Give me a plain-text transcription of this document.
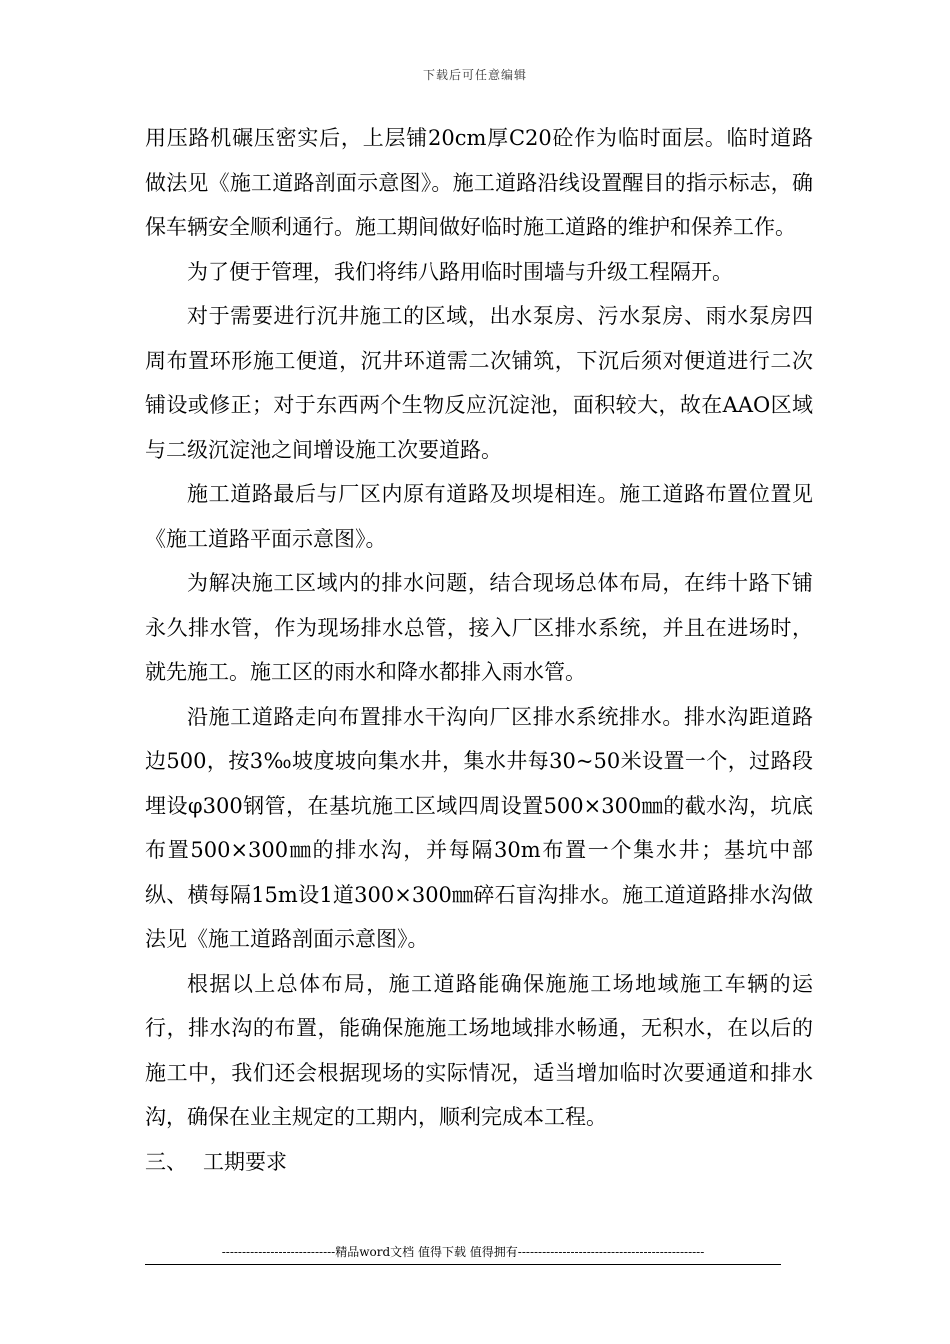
下载后可任意编辑

用压路机碾压密实后，上层铺20cm厚C20砼作为临时面层。临时道路做法见《施工道路剖面示意图》。施工道路沿线设置醒目的指示标志，确保车辆安全顺利通行。施工期间做好临时施工道路的维护和保养工作。

为了便于管理，我们将纬八路用临时围墙与升级工程隔开。

对于需要进行沉井施工的区域，出水泵房、污水泵房、雨水泵房四周布置环形施工便道，沉井环道需二次铺筑，下沉后须对便道进行二次铺设或修正；对于东西两个生物反应沉淀池，面积较大，故在AAO区域与二级沉淀池之间增设施工次要道路。

施工道路最后与厂区内原有道路及坝堤相连。施工道路布置位置见《施工道路平面示意图》。

为解决施工区域内的排水问题，结合现场总体布局，在纬十路下铺永久排水管，作为现场排水总管，接入厂区排水系统，并且在进场时，就先施工。施工区的雨水和降水都排入雨水管。

沿施工道路走向布置排水干沟向厂区排水系统排水。排水沟距道路边500，按3‰坡度坡向集水井，集水井每30~50米设置一个，过路段埋设φ300钢管，在基坑施工区域四周设置500×300㎜的截水沟，坑底布置500×300㎜的排水沟，并每隔30m布置一个集水井；基坑中部纵、横每隔15m设1道300×300㎜碎石盲沟排水。施工道道路排水沟做法见《施工道路剖面示意图》。

根据以上总体布局，施工道路能确保施施工场地域施工车辆的运行，排水沟的布置，能确保施施工场地域排水畅通，无积水，在以后的施工中，我们还会根据现场的实际情况，适当增加临时次要通道和排水沟，确保在业主规定的工期内，顺利完成本工程。

三、 工期要求

----------------------------精品word文档 值得下载 值得拥有----------------------------------------------
